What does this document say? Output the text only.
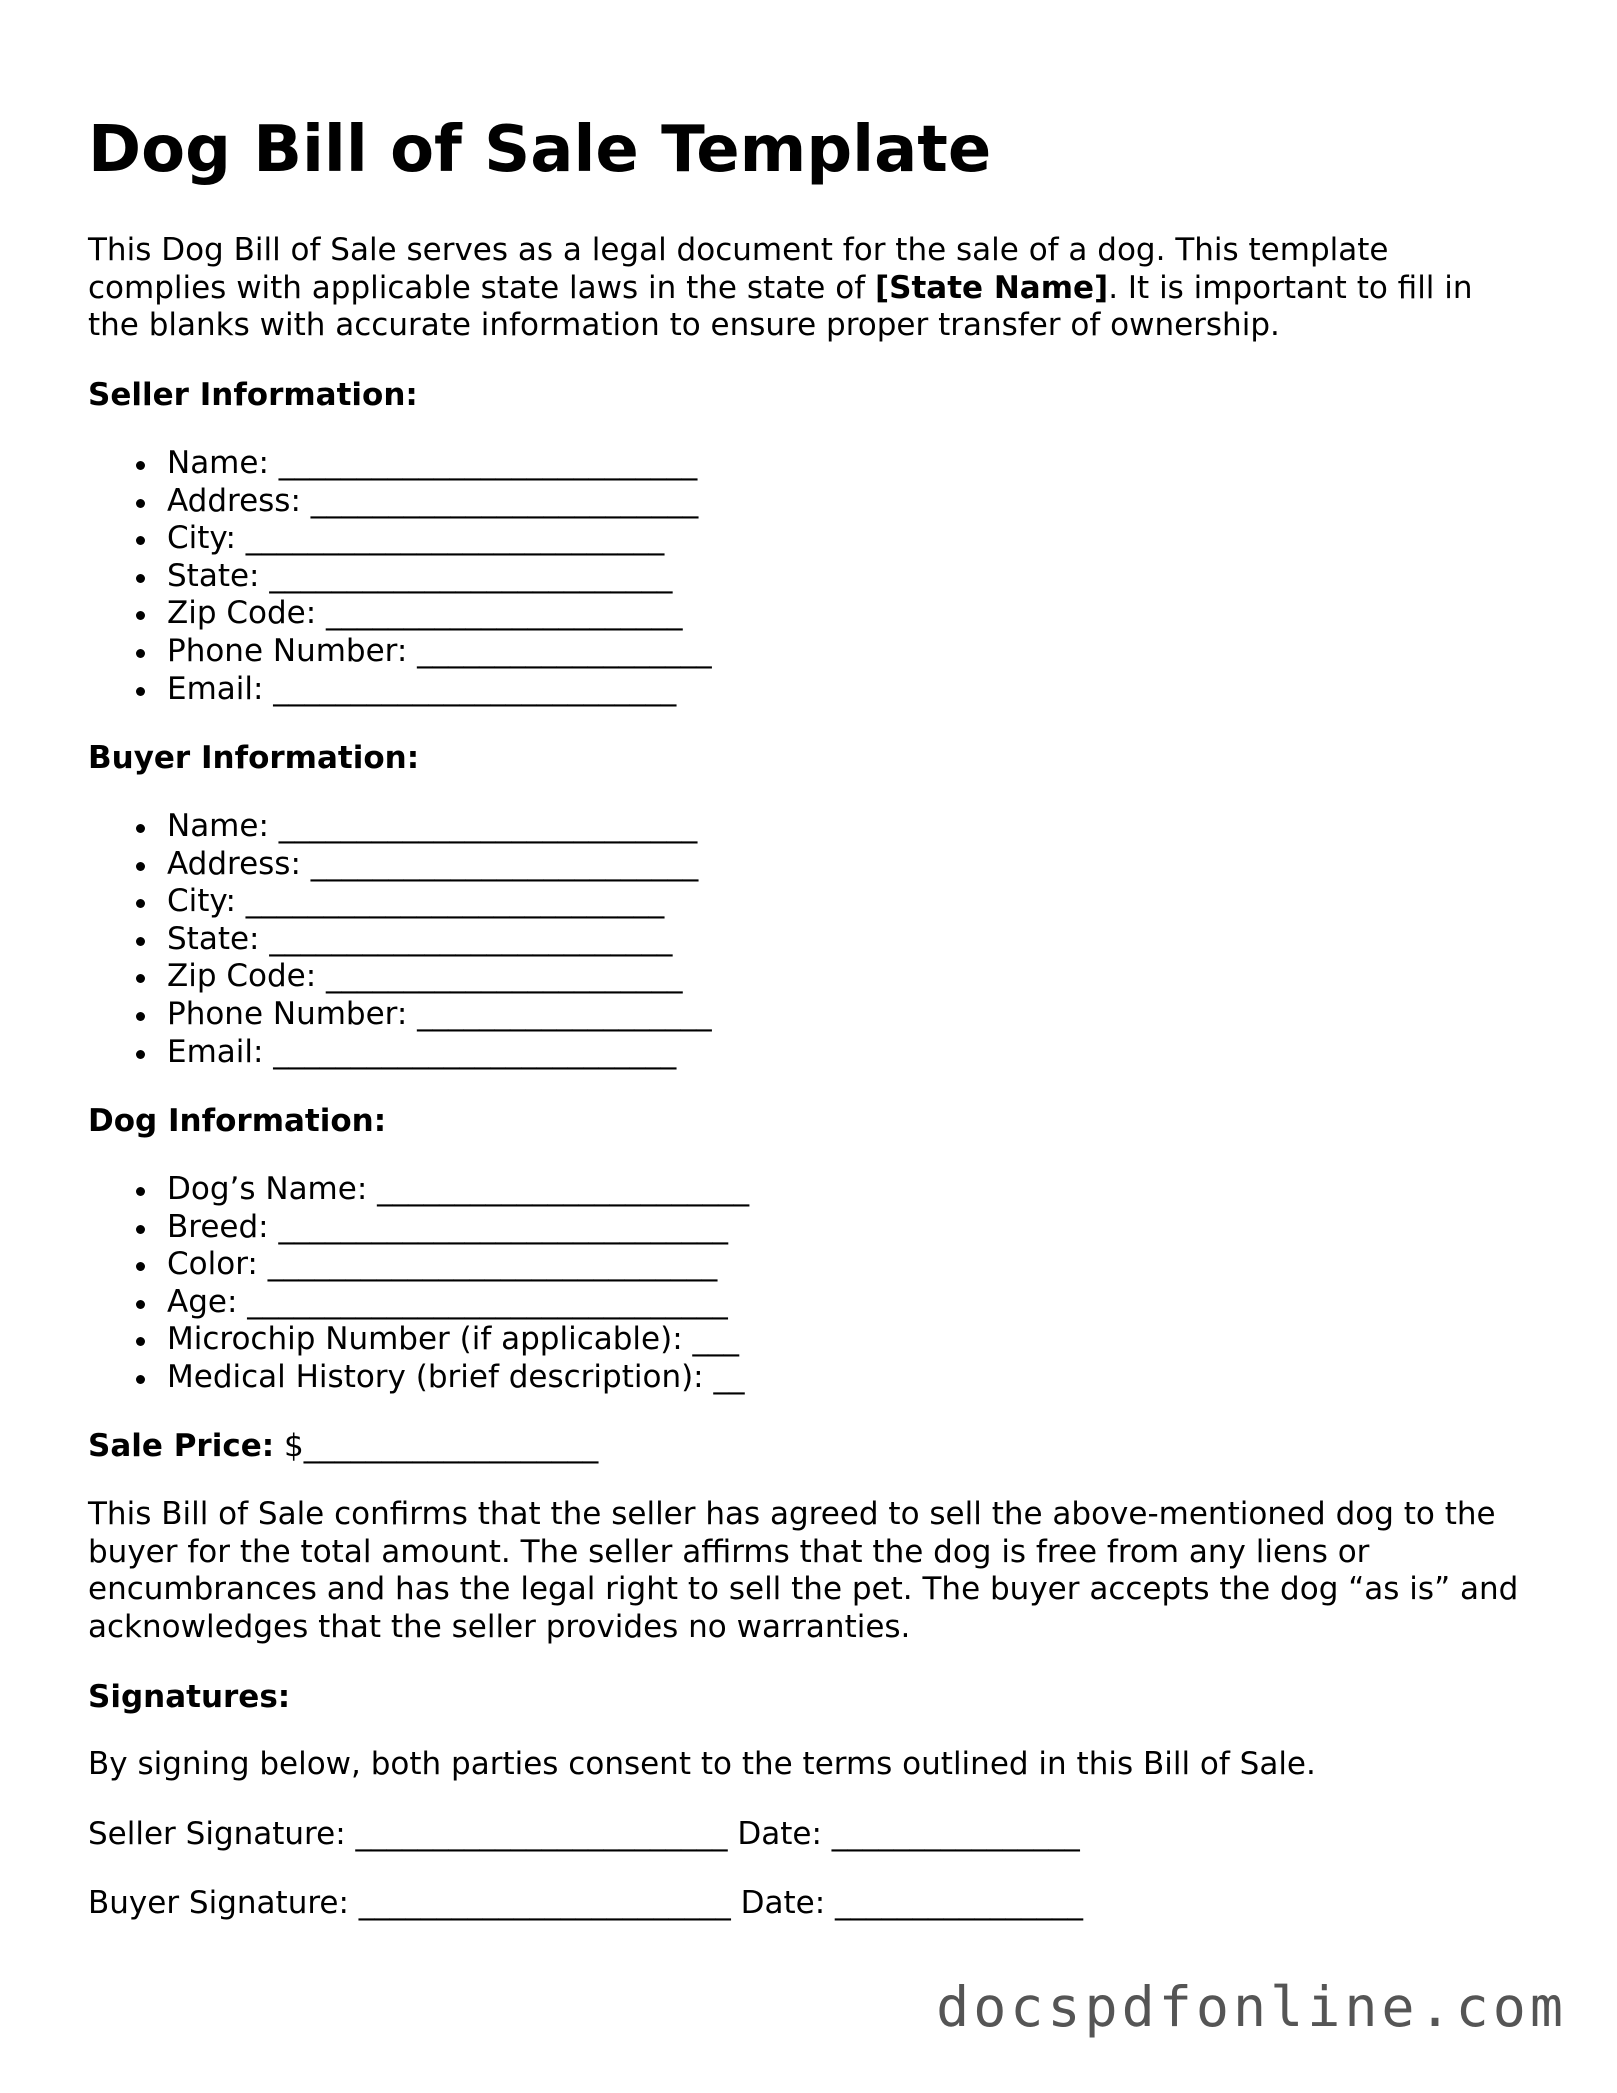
Dog Bill of Sale Template

This Dog Bill of Sale serves as a legal document for the sale of a dog. This template complies with applicable state laws in the state of [State Name]. It is important to fill in the blanks with accurate information to ensure proper transfer of ownership.

Seller Information:
Name: ___________________________
Address: _________________________
City: ___________________________
State: __________________________
Zip Code: _______________________
Phone Number: ___________________
Email: __________________________
Buyer Information:
Name: ___________________________
Address: _________________________
City: ___________________________
State: __________________________
Zip Code: _______________________
Phone Number: ___________________
Email: __________________________
Dog Information:
Dog’s Name: ________________________
Breed: _____________________________
Color: _____________________________
Age: _______________________________
Microchip Number (if applicable): ___
Medical History (brief description): __
Sale Price: $___________________

This Bill of Sale confirms that the seller has agreed to sell the above-mentioned dog to the buyer for the total amount. The seller affirms that the dog is free from any liens or encumbrances and has the legal right to sell the pet. The buyer accepts the dog “as is” and acknowledges that the seller provides no warranties.

Signatures:

By signing below, both parties consent to the terms outlined in this Bill of Sale.

Seller Signature: ________________________ Date: ________________
Buyer Signature: ________________________ Date: ________________
docspdfonline.com
